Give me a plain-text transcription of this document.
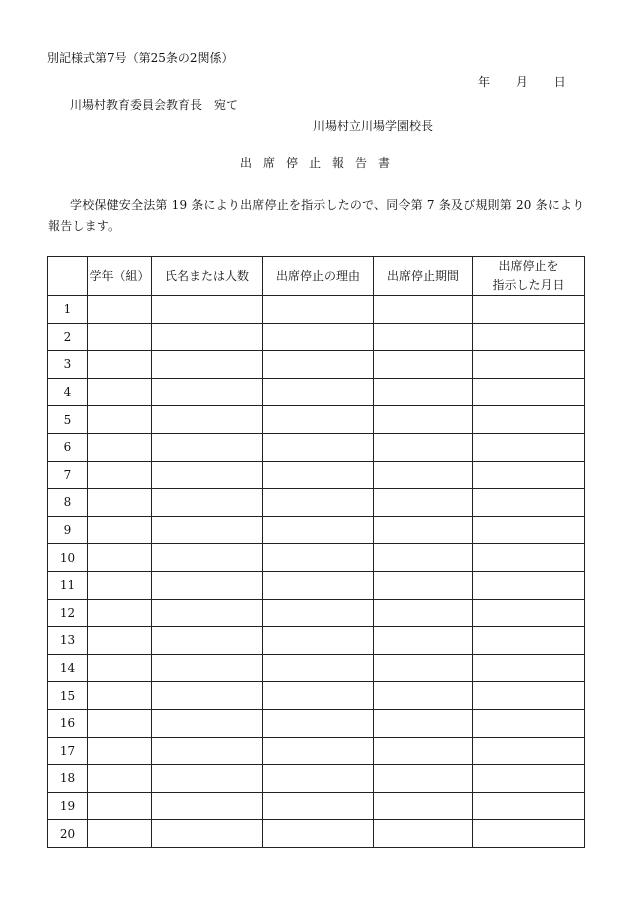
別記様式第7号（第25条の2関係）
年 月 日
川場村教育委員会教育長　宛て
川場村立川場学園校長
出席停止報告書
学校保健安全法第 19 条により出席停止を指示したので、同令第 7 条及び規則第 20 条により報告します。
	学年（組）	氏名または人数	出席停止の理由	出席停止期間	出席停止を
指示した月日

1					
2					
3					
4					
5					
6					
7					
8					
9					
10					
11					
12					
13					
14					
15					
16					
17					
18					
19					
20					
